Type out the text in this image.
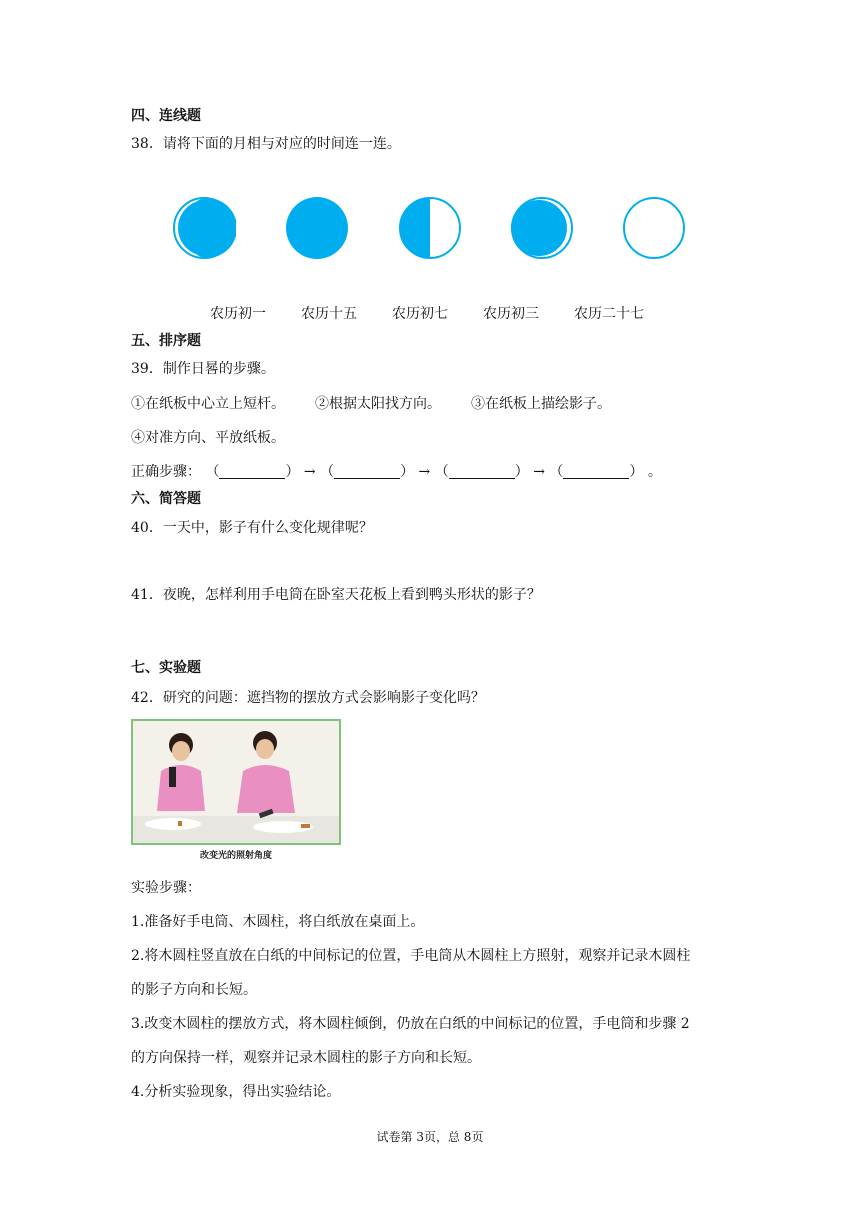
四、连线题
38．请将下面的月相与对应的时间连一连。
农历初一	农历十五	农历初七	农历初三	农历二十七
五、排序题
39．制作日晷的步骤。
①在纸板中心立上短杆。 ②根据太阳找方向。 ③在纸板上描绘影子。
④对准方向、平放纸板。
正确步骤： （	） → （	） → （	） → （	） 。
六、简答题
40．一天中，影子有什么变化规律呢？
41．夜晚，怎样利用手电筒在卧室天花板上看到鸭头形状的影子？
七、实验题
42．研究的问题：遮挡物的摆放方式会影响影子变化吗？
改变光的照射角度
实验步骤：
1.准备好手电筒、木圆柱，将白纸放在桌面上。
2.将木圆柱竖直放在白纸的中间标记的位置，手电筒从木圆柱上方照射，观察并记录木圆柱
的影子方向和长短。
3.改变木圆柱的摆放方式，将木圆柱倾倒，仍放在白纸的中间标记的位置，手电筒和步骤 2
的方向保持一样，观察并记录木圆柱的影子方向和长短。
4.分析实验现象，得出实验结论。
试卷第 3页，总 8页
